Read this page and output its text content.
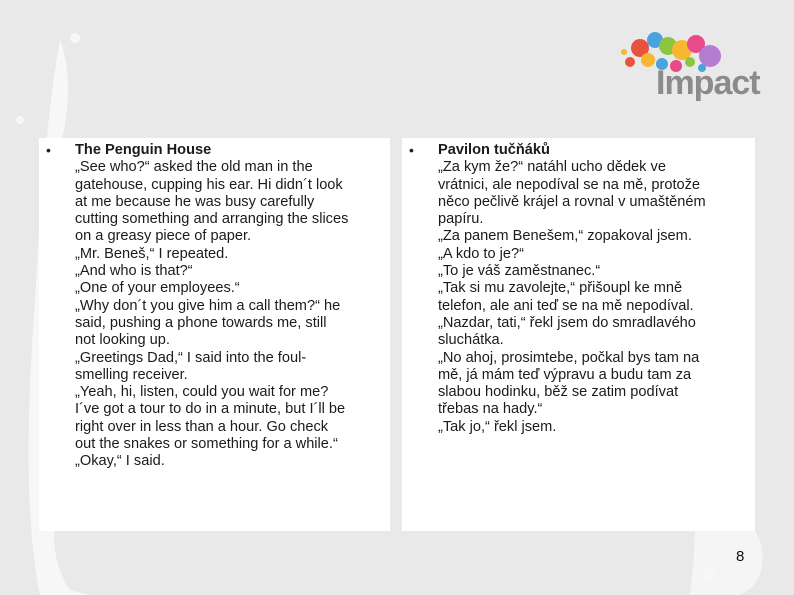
Impact
• The Penguin House
„See who?“ asked the old man in the
gatehouse, cupping his ear. Hi didn´t look
at me because he was busy carefully
cutting something and arranging the slices
on a greasy piece of paper.
„Mr. Beneš,“ I repeated.
„And who is that?“
„One of your employees.“
„Why don´t you give him a call them?“ he
said, pushing a phone towards me, still
not looking up.
„Greetings Dad,“ I said into the foul-
smelling receiver.
„Yeah, hi, listen, could you wait for me?
I´ve got a tour to do in a minute, but I´ll be
right over in less than a hour. Go check
out the snakes or something for a while.“
„Okay,“ I said.
• Pavilon tučňáků
„Za kym že?“ natáhl ucho dědek ve
vrátnici, ale nepodíval se na mě, protože
něco pečlivě krájel a rovnal v umaštěném
papíru.
„Za panem Benešem,“ zopakoval jsem.
„A kdo to je?“
„To je váš zaměstnanec.“
„Tak si mu zavolejte,“ přišoupl ke mně
telefon, ale ani teď se na mě nepodíval.
„Nazdar, tati,“ řekl jsem do smradlavého
sluchátka.
„No ahoj, prosimtebe, počkal bys tam na
mě, já mám teď výpravu a budu tam za
slabou hodinku, běž se zatim podívat
třebas na hady.“
„Tak jo,“ řekl jsem.
8
